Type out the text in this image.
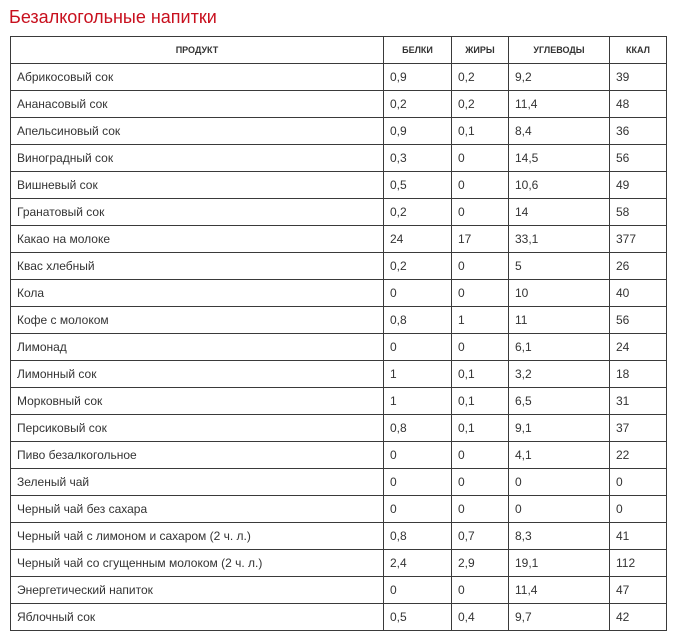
Безалкогольные напитки
ПРОДУКТ	БЕЛКИ	ЖИРЫ	УГЛЕВОДЫ	ККАЛ
Абрикосовый сок	0,9	0,2	9,2	39
Ананасовый сок	0,2	0,2	11,4	48
Апельсиновый сок	0,9	0,1	8,4	36
Виноградный сок	0,3	0	14,5	56
Вишневый сок	0,5	0	10,6	49
Гранатовый сок	0,2	0	14	58
Какао на молоке	24	17	33,1	377
Квас хлебный	0,2	0	5	26
Кола	0	0	10	40
Кофе с молоком	0,8	1	11	56
Лимонад	0	0	6,1	24
Лимонный сок	1	0,1	3,2	18
Морковный сок	1	0,1	6,5	31
Персиковый сок	0,8	0,1	9,1	37
Пиво безалкогольное	0	0	4,1	22
Зеленый чай	0	0	0	0
Черный чай без сахара	0	0	0	0
Черный чай с лимоном и сахаром (2 ч. л.)	0,8	0,7	8,3	41
Черный чай со сгущенным молоком (2 ч. л.)	2,4	2,9	19,1	112
Энергетический напиток	0	0	11,4	47
Яблочный сок	0,5	0,4	9,7	42
